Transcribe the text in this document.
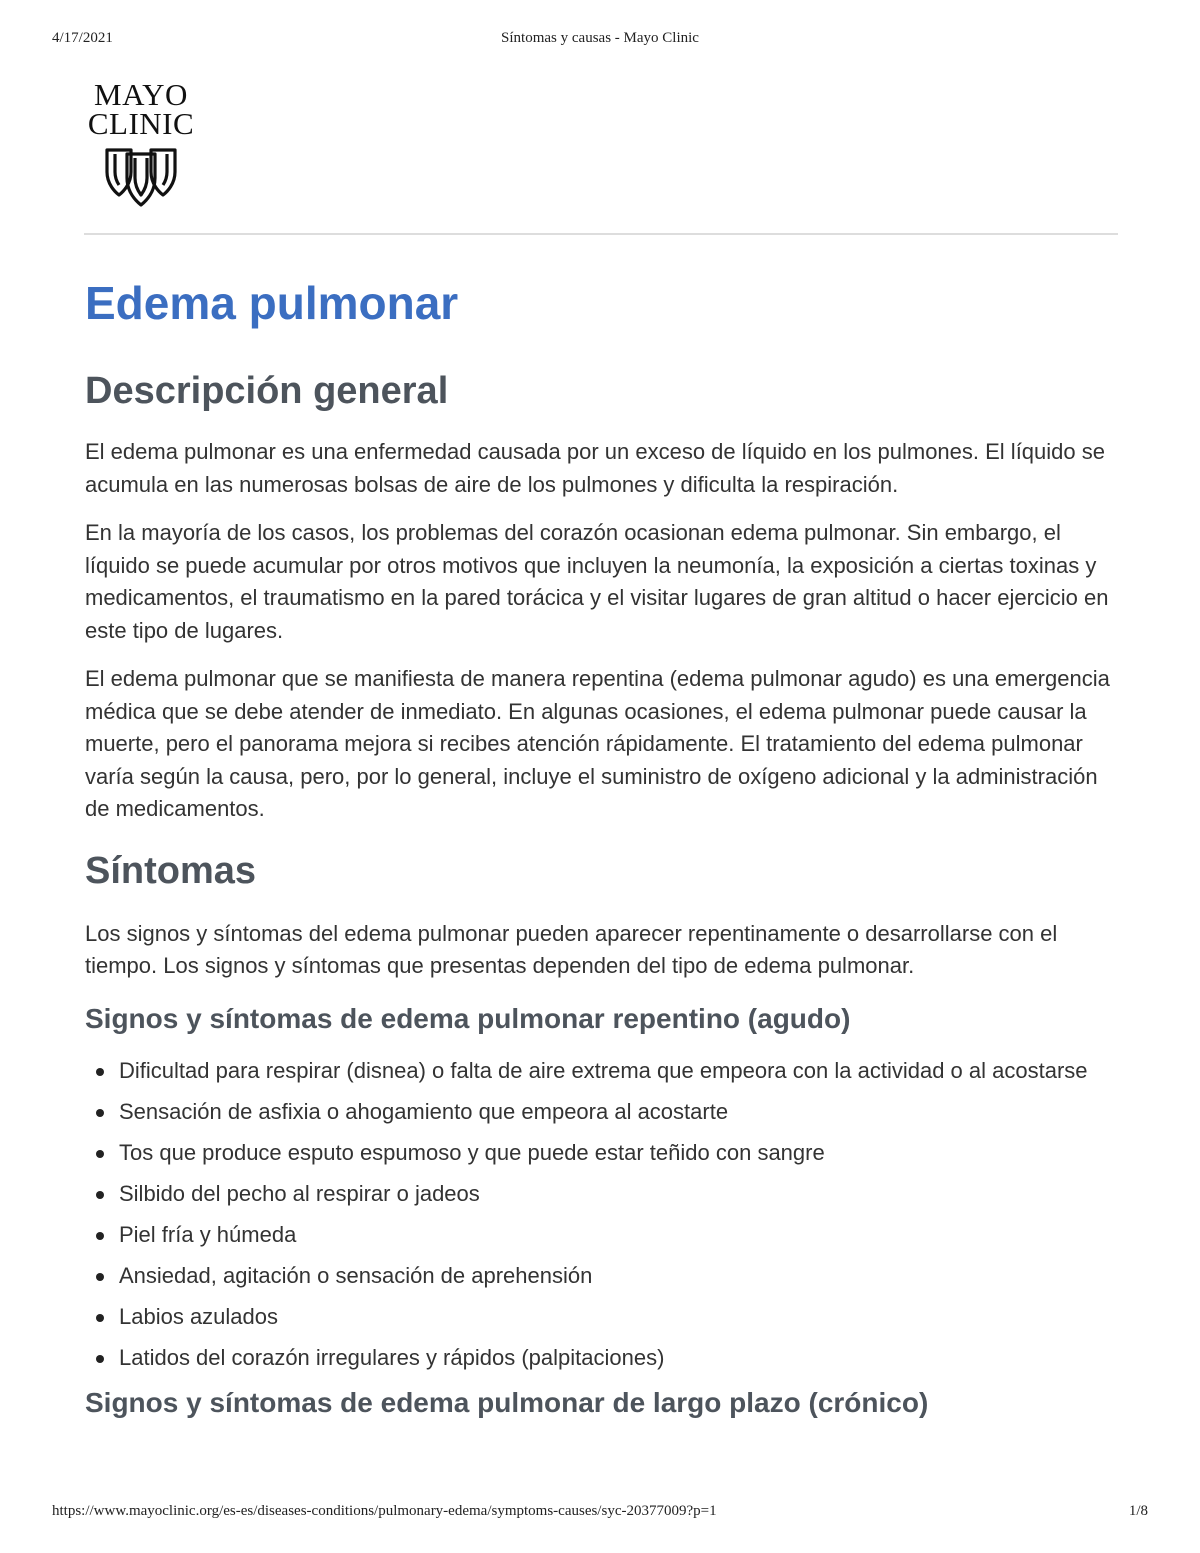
4/17/2021	Síntomas y causas - Mayo Clinic
MAYO
CLINIC
Edema pulmonar
Descripción general

El edema pulmonar es una enfermedad causada por un exceso de líquido en los pulmones. El líquido se acumula en las numerosas bolsas de aire de los pulmones y dificulta la respiración.

En la mayoría de los casos, los problemas del corazón ocasionan edema pulmonar. Sin embargo, el líquido se puede acumular por otros motivos que incluyen la neumonía, la exposición a ciertas toxinas y medicamentos, el traumatismo en la pared torácica y el visitar lugares de gran altitud o hacer ejercicio en este tipo de lugares.

El edema pulmonar que se manifiesta de manera repentina (edema pulmonar agudo) es una emergencia médica que se debe atender de inmediato. En algunas ocasiones, el edema pulmonar puede causar la muerte, pero el panorama mejora si recibes atención rápidamente. El tratamiento del edema pulmonar varía según la causa, pero, por lo general, incluye el suministro de oxígeno adicional y la administración de medicamentos.

Síntomas

Los signos y síntomas del edema pulmonar pueden aparecer repentinamente o desarrollarse con el tiempo. Los signos y síntomas que presentas dependen del tipo de edema pulmonar.

Signos y síntomas de edema pulmonar repentino (agudo)
Dificultad para respirar (disnea) o falta de aire extrema que empeora con la actividad o al acostarse
Sensación de asfixia o ahogamiento que empeora al acostarte
Tos que produce esputo espumoso y que puede estar teñido con sangre
Silbido del pecho al respirar o jadeos
Piel fría y húmeda
Ansiedad, agitación o sensación de aprehensión
Labios azulados
Latidos del corazón irregulares y rápidos (palpitaciones)
Signos y síntomas de edema pulmonar de largo plazo (crónico)
https://www.mayoclinic.org/es-es/diseases-conditions/pulmonary-edema/symptoms-causes/syc-20377009?p=1	1/8
